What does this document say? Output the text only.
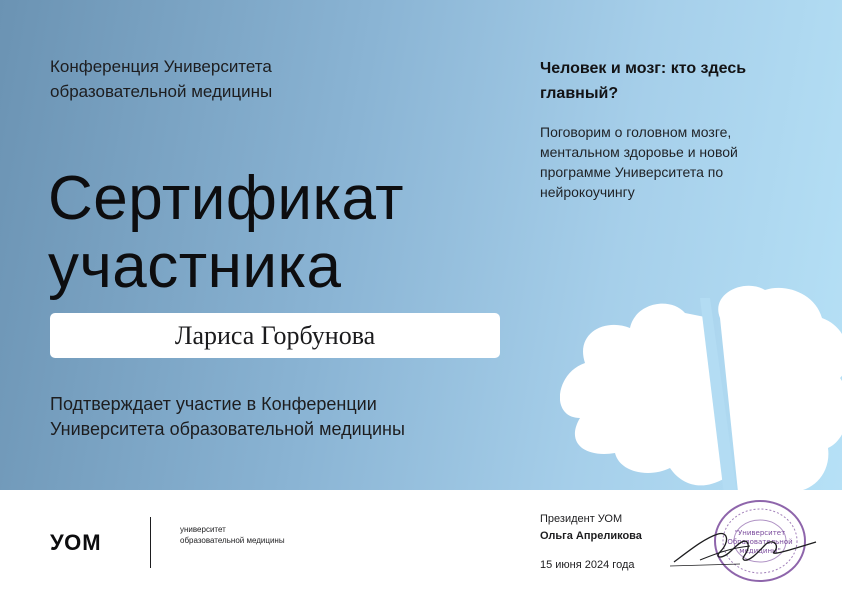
Конференция Университета образовательной медицины
Сертификат участника
Лариса Горбунова
Подтверждает участие в Конференции Университета образовательной медицины
Человек и мозг: кто здесь главный?
Поговорим о головном мозге, ментальном здоровье и новой программе Университета по нейрокоучингу
УОМ
университет образовательной медицины
Президент УОМ
Ольга Апреликова
15 июня 2024 года
"Университет
Образовательной
медицины"
